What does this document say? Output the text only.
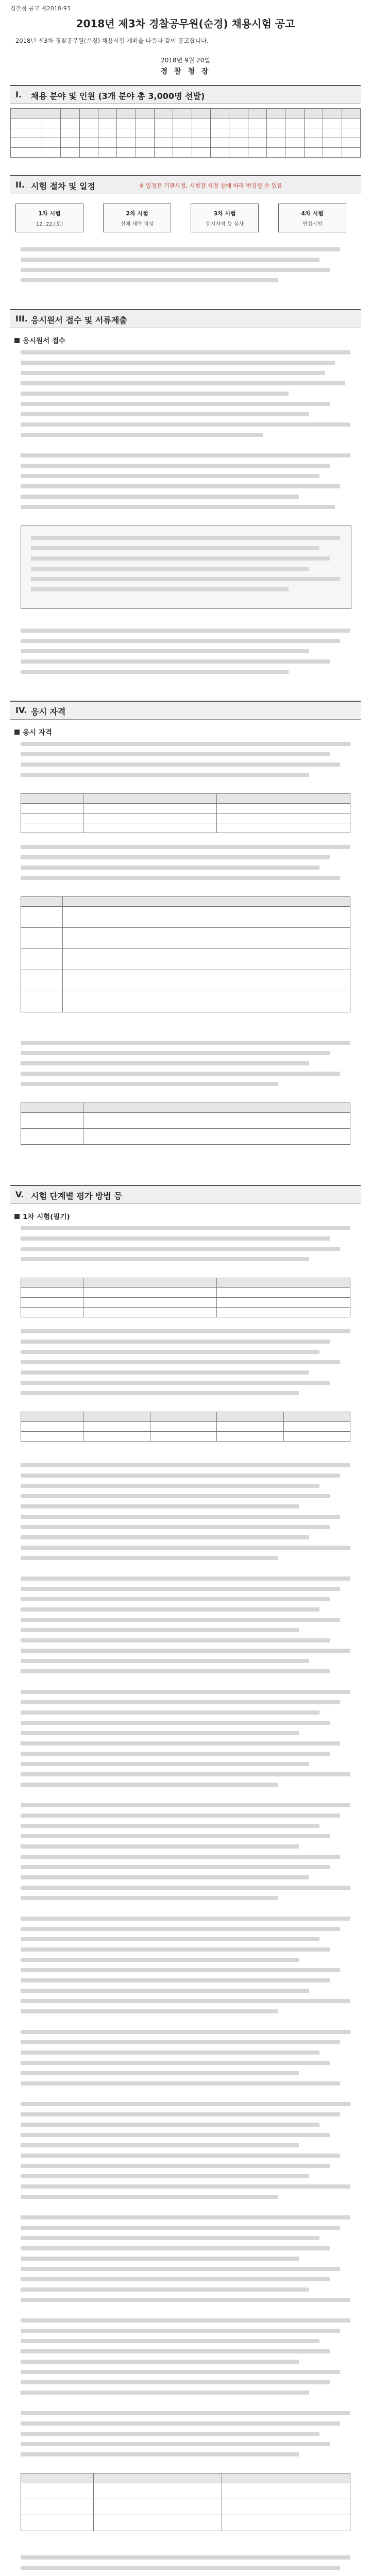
경찰청 공고 제2018-93
2018년 제3차 경찰공무원(순경) 채용시험 공고
2018년 제3차 경찰공무원(순경) 채용시험 계획을 다음과 같이 공고합니다.
2018년 9월 20일
경 찰 청 장
I. 채용 분야 및 인원 (3개 분야 총 3,000명 선발)

II. 시험 절차 및 일정	※ 일정은 기관사정, 시험장 사정 등에 따라 변경될 수 있음
1차 시험
12. 22.(토)
2차 시험
신체·체력·적성
3차 시험
응시자격 등 심사
4차 시험
면접시험
III. 응시원서 접수 및 서류제출
응시원서 접수
IV. 응시 자격
응시 자격

V. 시험 단계별 평가 방법 등
1차 시험(필기)
